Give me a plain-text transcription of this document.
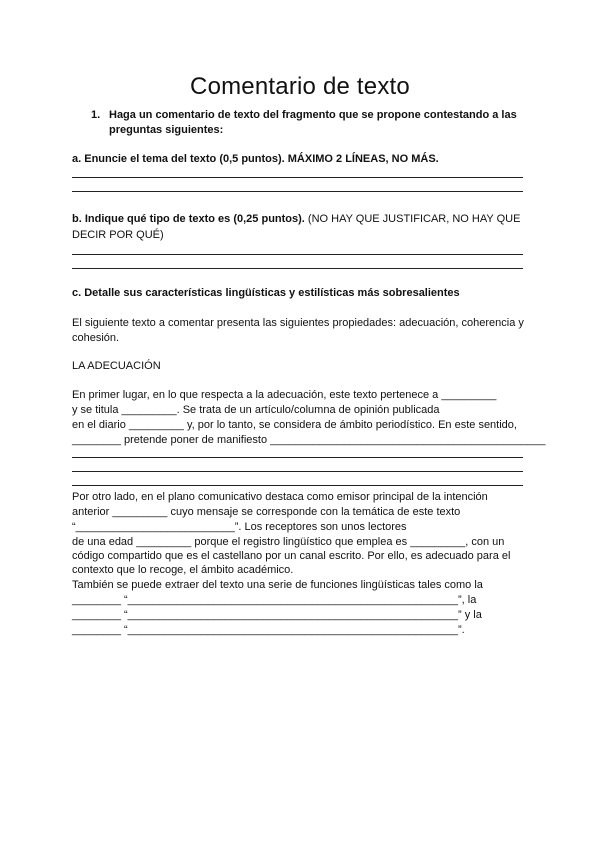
Comentario de texto
1. Haga un comentario de texto del fragmento que se propone contestando a las preguntas siguientes:
a. Enuncie el tema del texto (0,5 puntos). MÁXIMO 2 LÍNEAS, NO MÁS.
b. Indique qué tipo de texto es (0,25 puntos). (NO HAY QUE JUSTIFICAR, NO HAY QUE DECIR POR QUÉ)
c. Detalle sus características lingüísticas y estilísticas más sobresalientes
El siguiente texto a comentar presenta las siguientes propiedades: adecuación, coherencia y cohesión.
LA ADECUACIÓN
En primer lugar, en lo que respecta a la adecuación, este texto pertenece a _________
y se titula _________. Se trata de un artículo/columna de opinión publicada
en el diario _________ y, por lo tanto, se considera de ámbito periodístico. En este sentido,
________ pretende poner de manifiesto _____________________________________________
Por otro lado, en el plano comunicativo destaca como emisor principal de la intención
anterior _________ cuyo mensaje se corresponde con la temática de este texto
“__________________________”. Los receptores son unos lectores
de una edad _________ porque el registro lingüístico que emplea es _________, con un
código compartido que es el castellano por un canal escrito. Por ello, es adecuado para el
contexto que lo recoge, el ámbito académico.
También se puede extraer del texto una serie de funciones lingüísticas tales como la
________ “______________________________________________________”, la
________ “______________________________________________________” y la
________ “______________________________________________________”.
